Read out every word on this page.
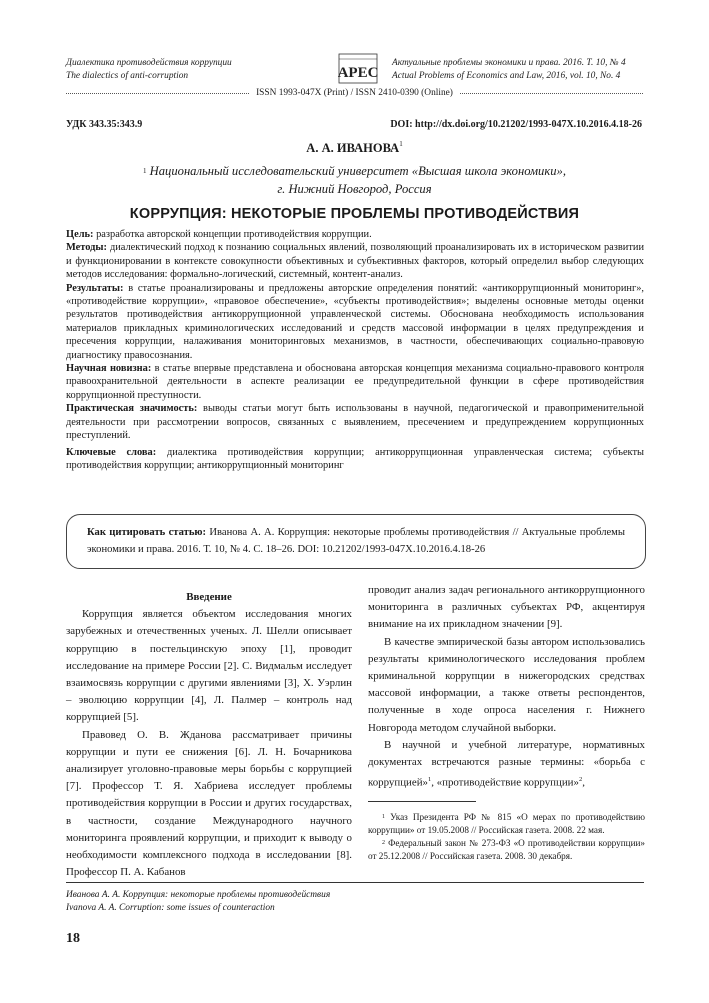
Диалектика противодействия коррупции
The dialectics of anti-corruption	APEC
Актуальные проблемы экономики и права. 2016. Т. 10, № 4
Actual Problems of Economics and Law, 2016, vol. 10, No. 4
ISSN 1993-047X (Print) / ISSN 2410-0390 (Online)
УДК 343.35:343.9	DOI: http://dx.doi.org/10.21202/1993-047X.10.2016.4.18-26
А. А. ИВАНОВА$^1$
$^1$ Национальный исследовательский университет «Высшая школа экономики»,
г. Нижний Новгород, Россия
КОРРУПЦИЯ: НЕКОТОРЫЕ ПРОБЛЕМЫ ПРОТИВОДЕЙСТВИЯ

Цель: разработка авторской концепции противодействия коррупции.

Методы: диалектический подход к познанию социальных явлений, позволяющий проанализировать их в историческом развитии и функционировании в контексте совокупности объективных и субъективных факторов, который определил выбор следующих методов исследования: формально-логический, системный, контент-анализ.

Результаты: в статье проанализированы и предложены авторские определения понятий: «антикоррупционный мониторинг», «противодействие коррупции», «правовое обеспечение», «субъекты противодействия»; выделены основные методы оценки результатов противодействия антикоррупционной управленческой системы. Обоснована необходимость использования материалов прикладных криминологических исследований и средств массовой информации в целях предупреждения и пресечения коррупции, налаживания мониторинговых механизмов, в частности, обеспечивающих социально-правовую диагностику правосознания.

Научная новизна: в статье впервые представлена и обоснована авторская концепция механизма социально-правового контроля правоохранительной деятельности в аспекте реализации ее предупредительной функции в сфере противодействия коррупционной преступности.

Практическая значимость: выводы статьи могут быть использованы в научной, педагогической и правоприменительной деятельности при рассмотрении вопросов, связанных с выявлением, пресечением и предупреждением коррупционных преступлений.

Ключевые слова: диалектика противодействия коррупции; антикоррупционная управленческая система; субъекты противодействия коррупции; антикоррупционный мониторинг

Как цитировать статью: Иванова А. А. Коррупция: некоторые проблемы противодействия // Актуальные проблемы экономики и права. 2016. Т. 10, № 4. С. 18–26. DOI: 10.21202/1993-047X.10.2016.4.18-26

Введение

Коррупция является объектом исследования многих зарубежных и отечественных ученых. Л. Шелли описывает коррупцию в постельцинскую эпоху [1], проводит исследование на примере России [2]. С. Видмальм исследует взаимосвязь коррупции с другими явлениями [3], Х. Уэрлин – эволюцию коррупции [4], Л. Палмер – контроль над коррупцией [5].

Правовед О. В. Жданова рассматривает причины коррупции и пути ее снижения [6]. Л. Н. Бочарникова анализирует уголовно-правовые меры борьбы с коррупцией [7]. Профессор Т. Я. Хабриева исследует проблемы противодействия коррупции в России и других государствах, в частности, создание Международного научного мониторинга проявлений коррупции, и приходит к выводу о необходимости комплексного подхода в исследовании [8]. Профессор П. А. Кабанов

проводит анализ задач регионального антикоррупционного мониторинга в различных субъектах РФ, акцентируя внимание на их прикладном значении [9].

В качестве эмпирической базы автором использовались результаты криминологического исследования проблем криминальной коррупции в нижегородских средствах массовой информации, а также ответы респондентов, полученные в ходе опроса населения г. Нижнего Новгорода методом случайной выборки.

В научной и учебной литературе, нормативных документах встречаются разные термины: «борьба с коррупцией»$^1$, «противодействие коррупции»$^2$,

$^1$ Указ Президента РФ № 815 «О мерах по противодействию коррупции» от 19.05.2008 // Российская газета. 2008. 22 мая.
$^2$ Федеральный закон № 273-ФЗ «О противодействии коррупции» от 25.12.2008 // Российская газета. 2008. 30 декабря.
Иванова А. А. Коррупция: некоторые проблемы противодействия
Ivanova A. A. Corruption: some issues of counteraction
18
